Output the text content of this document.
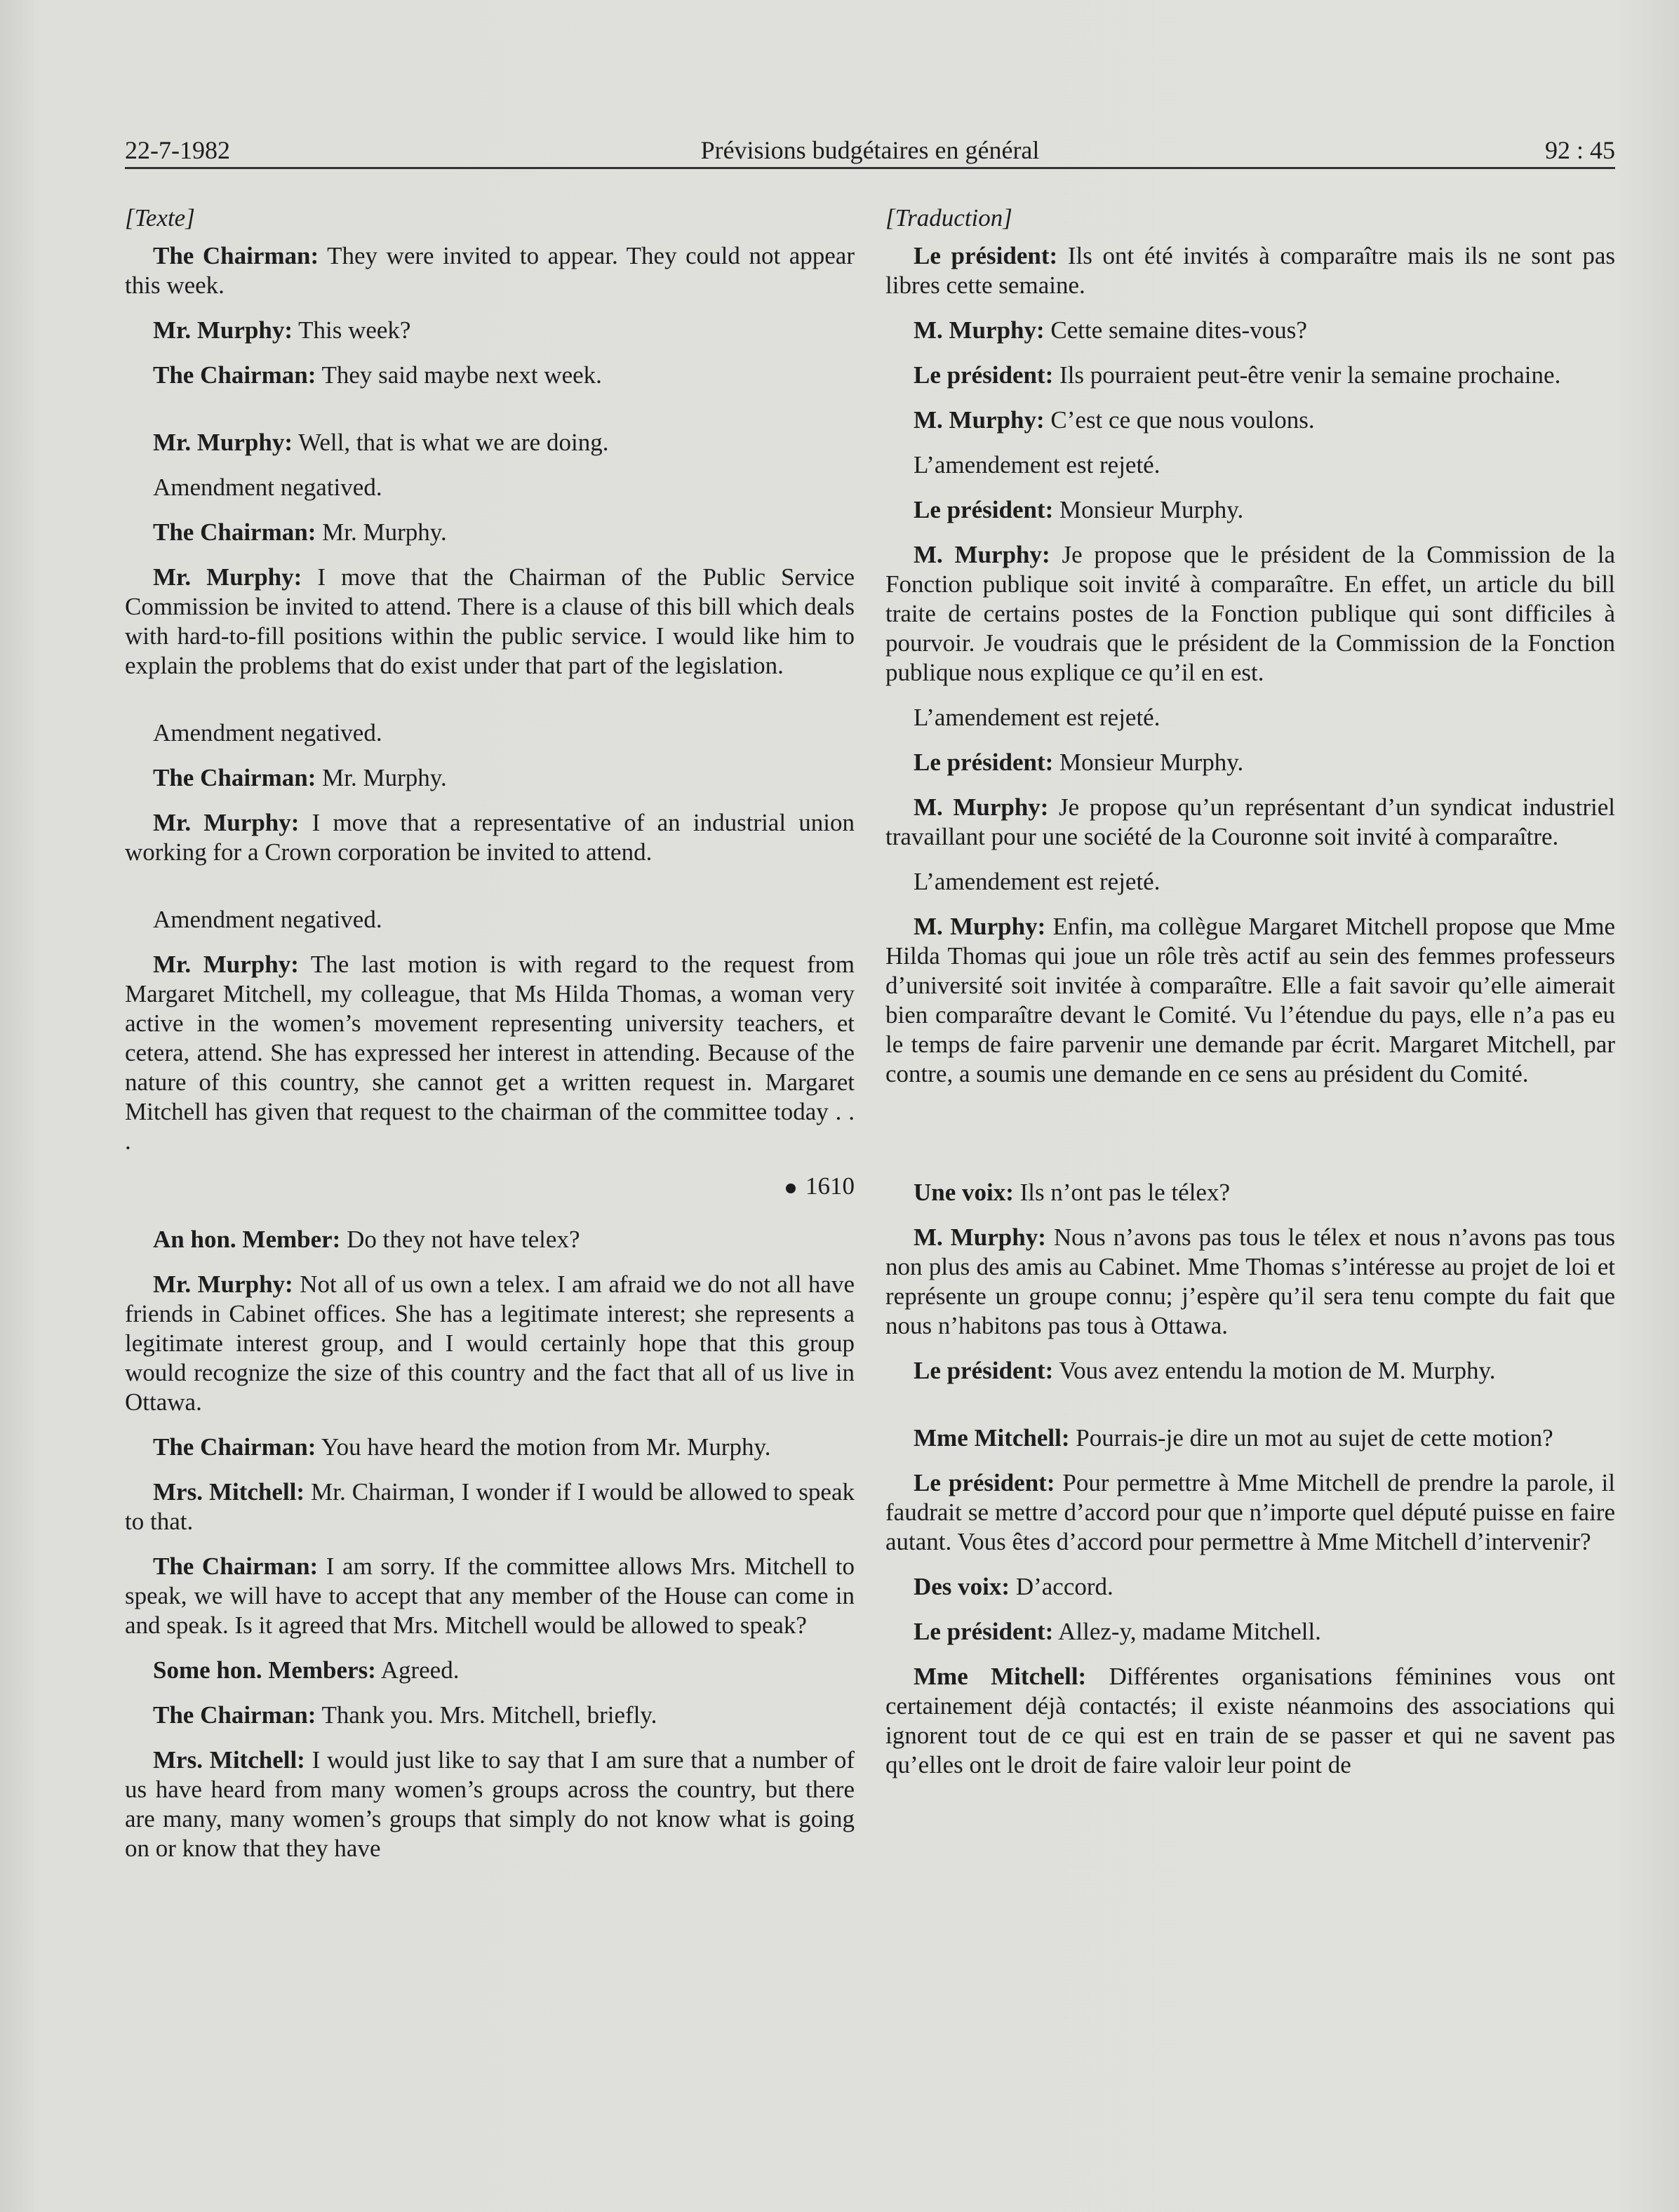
22-7-1982	Prévisions budgétaires en général	92 : 45
[Texte]

The Chairman: They were invited to appear. They could not appear this week.

Mr. Murphy: This week?

The Chairman: They said maybe next week.

Mr. Murphy: Well, that is what we are doing.

Amendment negatived.

The Chairman: Mr. Murphy.

Mr. Murphy: I move that the Chairman of the Public Service Commission be invited to attend. There is a clause of this bill which deals with hard-to-fill positions within the public service. I would like him to explain the problems that do exist under that part of the legislation.

Amendment negatived.

The Chairman: Mr. Murphy.

Mr. Murphy: I move that a representative of an industrial union working for a Crown corporation be invited to attend.

Amendment negatived.

Mr. Murphy: The last motion is with regard to the request from Margaret Mitchell, my colleague, that Ms Hilda Thomas, a woman very active in the women’s movement representing university teachers, et cetera, attend. She has expressed her interest in attending. Because of the nature of this country, she cannot get a written request in. Margaret Mitchell has given that request to the chairman of the committee today . . .

1610

An hon. Member: Do they not have telex?

Mr. Murphy: Not all of us own a telex. I am afraid we do not all have friends in Cabinet offices. She has a legitimate interest; she represents a legitimate interest group, and I would certainly hope that this group would recognize the size of this country and the fact that all of us live in Ottawa.

The Chairman: You have heard the motion from Mr. Murphy.

Mrs. Mitchell: Mr. Chairman, I wonder if I would be allowed to speak to that.

The Chairman: I am sorry. If the committee allows Mrs. Mitchell to speak, we will have to accept that any member of the House can come in and speak. Is it agreed that Mrs. Mitchell would be allowed to speak?

Some hon. Members: Agreed.

The Chairman: Thank you. Mrs. Mitchell, briefly.

Mrs. Mitchell: I would just like to say that I am sure that a number of us have heard from many women’s groups across the country, but there are many, many women’s groups that simply do not know what is going on or know that they have

[Traduction]

Le président: Ils ont été invités à comparaître mais ils ne sont pas libres cette semaine.

M. Murphy: Cette semaine dites-vous?

Le président: Ils pourraient peut-être venir la semaine prochaine.

M. Murphy: C’est ce que nous voulons.

L’amendement est rejeté.

Le président: Monsieur Murphy.

M. Murphy: Je propose que le président de la Commission de la Fonction publique soit invité à comparaître. En effet, un article du bill traite de certains postes de la Fonction publique qui sont difficiles à pourvoir. Je voudrais que le président de la Commission de la Fonction publique nous explique ce qu’il en est.

L’amendement est rejeté.

Le président: Monsieur Murphy.

M. Murphy: Je propose qu’un représentant d’un syndicat industriel travaillant pour une société de la Couronne soit invité à comparaître.

L’amendement est rejeté.

M. Murphy: Enfin, ma collègue Margaret Mitchell propose que Mme Hilda Thomas qui joue un rôle très actif au sein des femmes professeurs d’université soit invitée à comparaître. Elle a fait savoir qu’elle aimerait bien comparaître devant le Comité. Vu l’étendue du pays, elle n’a pas eu le temps de faire parvenir une demande par écrit. Margaret Mitchell, par contre, a soumis une demande en ce sens au président du Comité.

Une voix: Ils n’ont pas le télex?

M. Murphy: Nous n’avons pas tous le télex et nous n’avons pas tous non plus des amis au Cabinet. Mme Thomas s’intéresse au projet de loi et représente un groupe connu; j’espère qu’il sera tenu compte du fait que nous n’habitons pas tous à Ottawa.

Le président: Vous avez entendu la motion de M. Murphy.

Mme Mitchell: Pourrais-je dire un mot au sujet de cette motion?

Le président: Pour permettre à Mme Mitchell de prendre la parole, il faudrait se mettre d’accord pour que n’importe quel député puisse en faire autant. Vous êtes d’accord pour permettre à Mme Mitchell d’intervenir?

Des voix: D’accord.

Le président: Allez-y, madame Mitchell.

Mme Mitchell: Différentes organisations féminines vous ont certainement déjà contactés; il existe néanmoins des associations qui ignorent tout de ce qui est en train de se passer et qui ne savent pas qu’elles ont le droit de faire valoir leur point de
